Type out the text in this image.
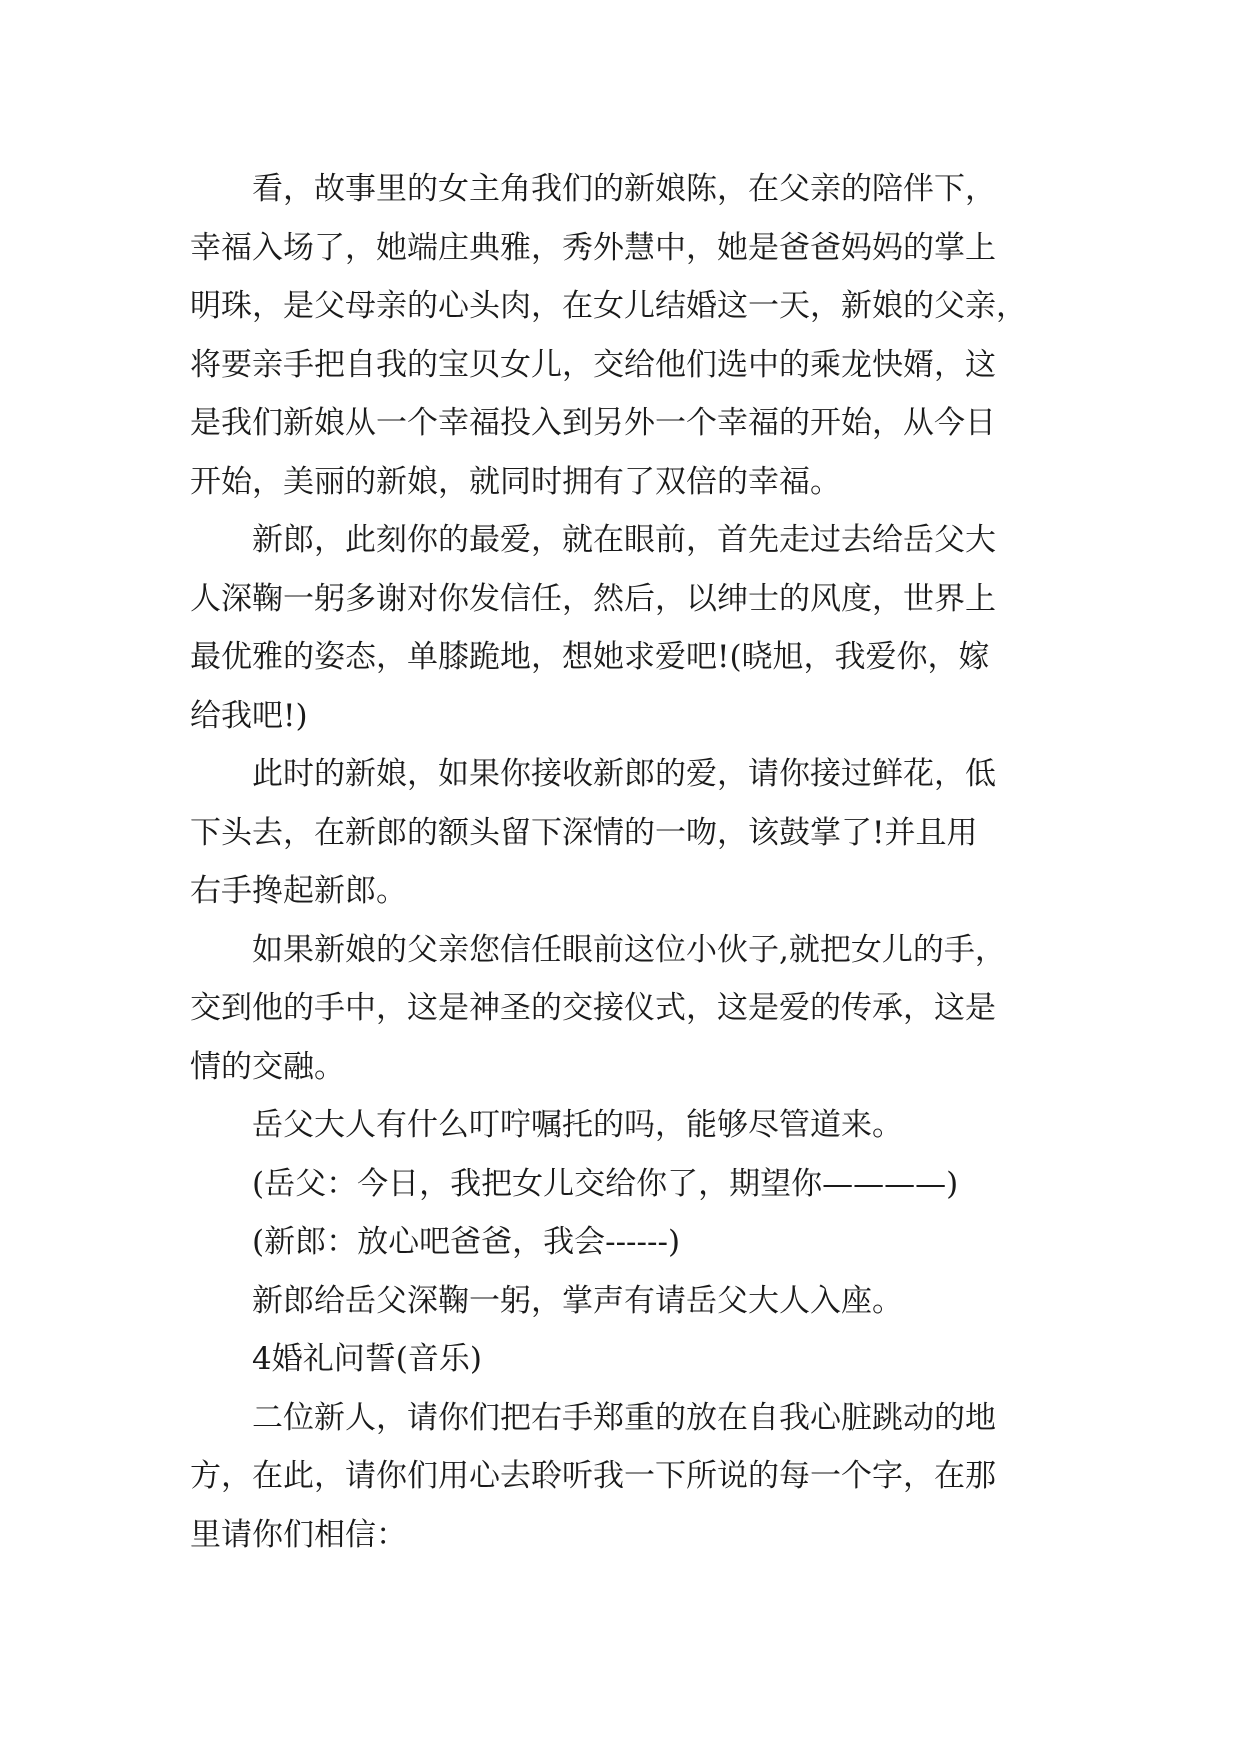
看，故事里的女主角我们的新娘陈，在父亲的陪伴下，
幸福入场了，她端庄典雅，秀外慧中，她是爸爸妈妈的掌上
明珠，是父母亲的心头肉，在女儿结婚这一天，新娘的父亲，
将要亲手把自我的宝贝女儿，交给他们选中的乘龙快婿，这
是我们新娘从一个幸福投入到另外一个幸福的开始，从今日
开始，美丽的新娘，就同时拥有了双倍的幸福。

新郎，此刻你的最爱，就在眼前，首先走过去给岳父大
人深鞠一躬多谢对你发信任，然后，以绅士的风度，世界上
最优雅的姿态，单膝跪地，想她求爱吧!(晓旭，我爱你，嫁
给我吧!)

此时的新娘，如果你接收新郎的爱，请你接过鲜花，低
下头去，在新郎的额头留下深情的一吻，该鼓掌了!并且用
右手搀起新郎。

如果新娘的父亲您信任眼前这位小伙子,就把女儿的手，
交到他的手中，这是神圣的交接仪式，这是爱的传承，这是
情的交融。

岳父大人有什么叮咛嘱托的吗，能够尽管道来。

(岳父：今日，我把女儿交给你了，期望你————)

(新郎：放心吧爸爸，我会------)

新郎给岳父深鞠一躬，掌声有请岳父大人入座。

4婚礼问誓(音乐)

二位新人，请你们把右手郑重的放在自我心脏跳动的地
方，在此，请你们用心去聆听我一下所说的每一个字，在那
里请你们相信：
